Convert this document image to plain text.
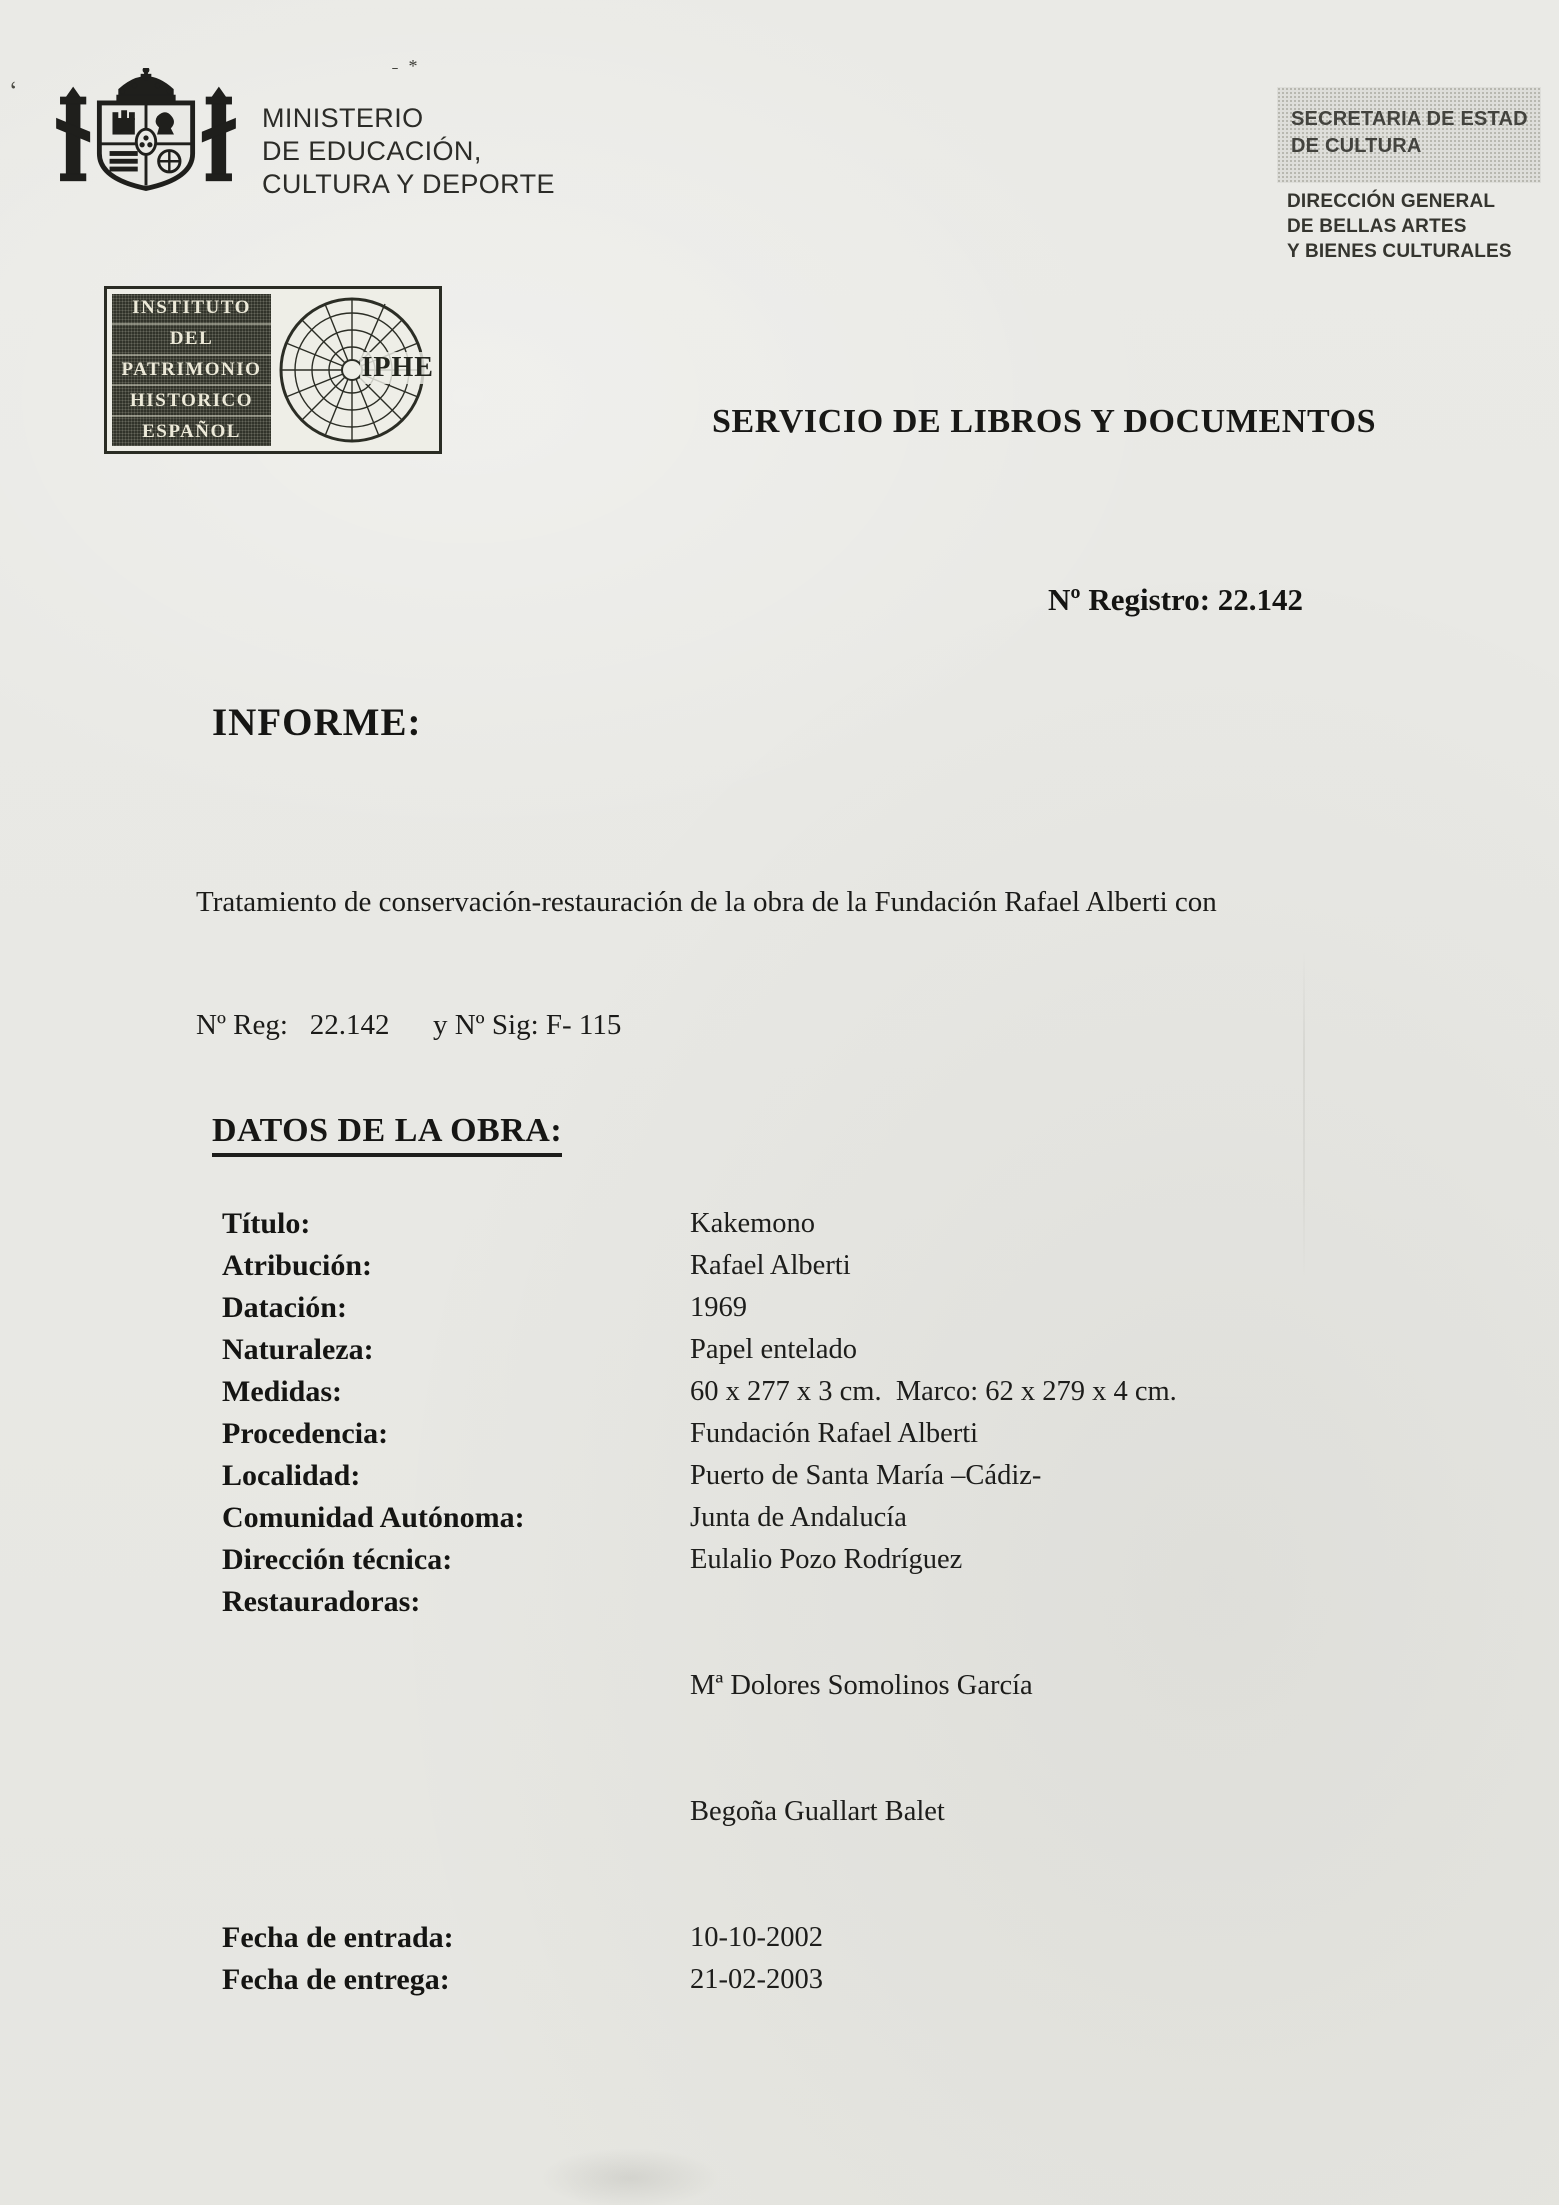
MINISTERIO
DE EDUCACIÓN,
CULTURA Y DEPORTE
SECRETARIA DE ESTAD
DE CULTURA
DIRECCIÓN GENERAL
DE BELLAS ARTES
Y BIENES CULTURALES
INSTITUTO
DEL
PATRIMONIO
HISTORICO
ESPAÑOL
IPHE
SERVICIO DE LIBROS Y DOCUMENTOS
Nº Registro: 22.142
INFORME:

Tratamiento de conservación-restauración de la obra de la Fundación Rafael Alberti con

Nº Reg:   22.142      y Nº Sig: F- 115

DATOS DE LA OBRA:
Título:	Kakemono
Atribución:	Rafael Alberti
Datación:	1969
Naturaleza:	Papel entelado
Medidas:	60 x 277 x 3 cm.  Marco: 62 x 279 x 4 cm.
Procedencia:	Fundación Rafael Alberti
Localidad:	Puerto de Santa María –Cádiz-
Comunidad Autónoma:	Junta de Andalucía
Dirección técnica:	Eulalio Pozo Rodríguez
Restauradoras:

Mª Dolores Somolinos García

Begoña Guallart Balet

Fecha de entrada:	10-10-2002
Fecha de entrega:	21-02-2003
ʻ
˗ *
